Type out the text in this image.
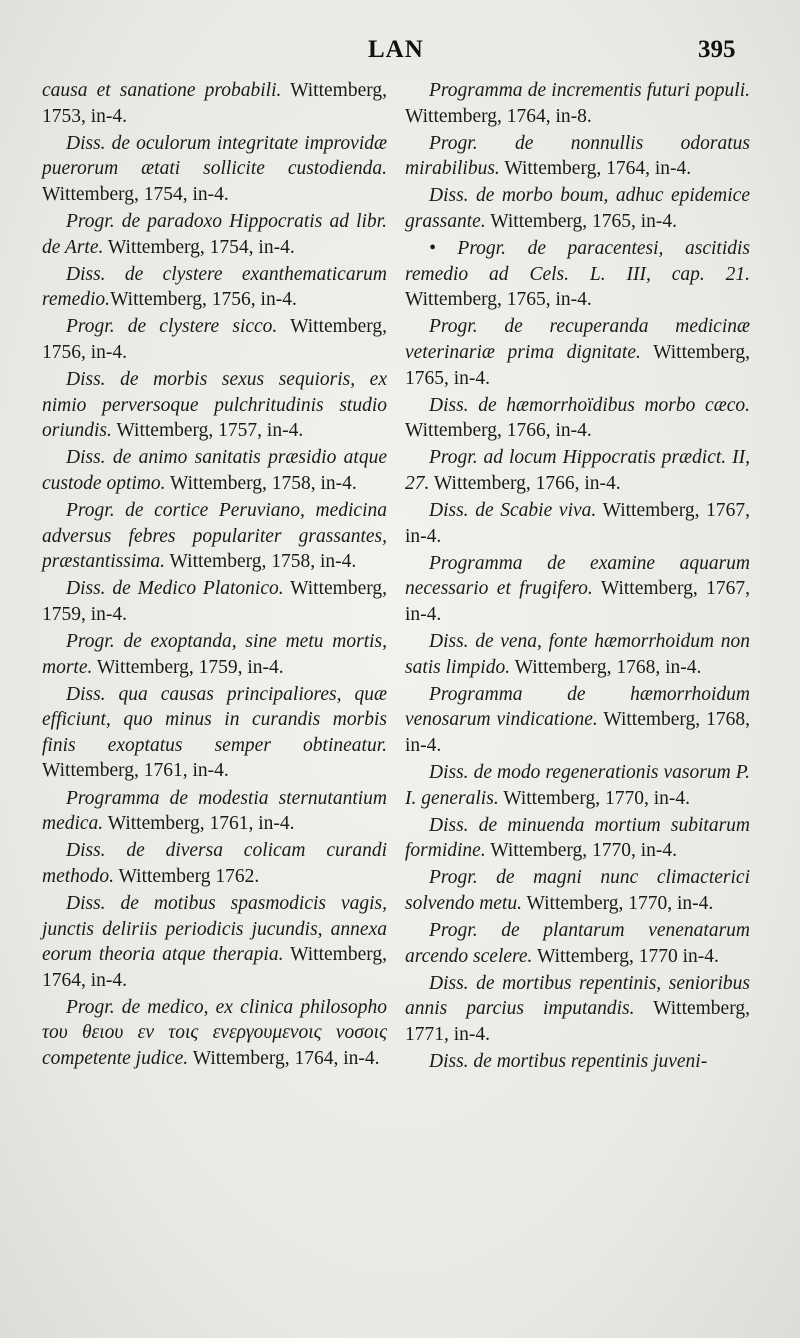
LAN	395

causa et sanatione probabili. Wittemberg, 1753, in-4.

Diss. de oculorum integritate improvidæ puerorum ætati sollicite custodienda. Wittemberg, 1754, in-4.

Progr. de paradoxo Hippocratis ad libr. de Arte. Wittemberg, 1754, in-4.

Diss. de clystere exanthematicarum remedio.Wittemberg, 1756, in-4.

Progr. de clystere sicco. Wittemberg, 1756, in-4.

Diss. de morbis sexus sequioris, ex nimio perversoque pulchritudinis studio oriundis. Wittemberg, 1757, in-4.

Diss. de animo sanitatis præsidio atque custode optimo. Wittemberg, 1758, in-4.

Progr. de cortice Peruviano, medicina adversus febres populariter grassantes, præstantissima. Wittemberg, 1758, in-4.

Diss. de Medico Platonico. Wittemberg, 1759, in-4.

Progr. de exoptanda, sine metu mortis, morte. Wittemberg, 1759, in-4.

Diss. qua causas principaliores, quæ efficiunt, quo minus in curandis morbis finis exoptatus semper obtineatur. Wittemberg, 1761, in-4.

Programma de modestia sternutantium medica. Wittemberg, 1761, in-4.

Diss. de diversa colicam curandi methodo. Wittemberg 1762.

Diss. de motibus spasmodicis vagis, junctis deliriis periodicis jucundis, annexa eorum theoria atque therapia. Wittemberg, 1764, in-4.

Progr. de medico, ex clinica philosopho του θειου εν τοις ενεργουμενοις νοσοις competente judice. Wittemberg, 1764, in-4.

Programma de incrementis futuri populi. Wittemberg, 1764, in-8.

Progr. de nonnullis odoratus mirabilibus. Wittemberg, 1764, in-4.

Diss. de morbo boum, adhuc epidemice grassante. Wittemberg, 1765, in-4.

• Progr. de paracentesi, ascitidis remedio ad Cels. L. III, cap. 21. Wittemberg, 1765, in-4.

Progr. de recuperanda medicinæ veterinariæ prima dignitate. Wittemberg, 1765, in-4.

Diss. de hæmorrhoïdibus morbo cæco. Wittemberg, 1766, in-4.

Progr. ad locum Hippocratis prædict. II, 27. Wittemberg, 1766, in-4.

Diss. de Scabie viva. Wittemberg, 1767, in-4.

Programma de examine aquarum necessario et frugifero. Wittemberg, 1767, in-4.

Diss. de vena, fonte hæmorrhoidum non satis limpido. Wittemberg, 1768, in-4.

Programma de hæmorrhoidum venosarum vindicatione. Wittemberg, 1768, in-4.

Diss. de modo regenerationis vasorum P. I. generalis. Wittemberg, 1770, in-4.

Diss. de minuenda mortium subitarum formidine. Wittemberg, 1770, in-4.

Progr. de magni nunc climacterici solvendo metu. Wittemberg, 1770, in-4.

Progr. de plantarum venenatarum arcendo scelere. Wittemberg, 1770 in-4.

Diss. de mortibus repentinis, senioribus annis parcius imputandis. Wittemberg, 1771, in-4.

Diss. de mortibus repentinis juveni-
